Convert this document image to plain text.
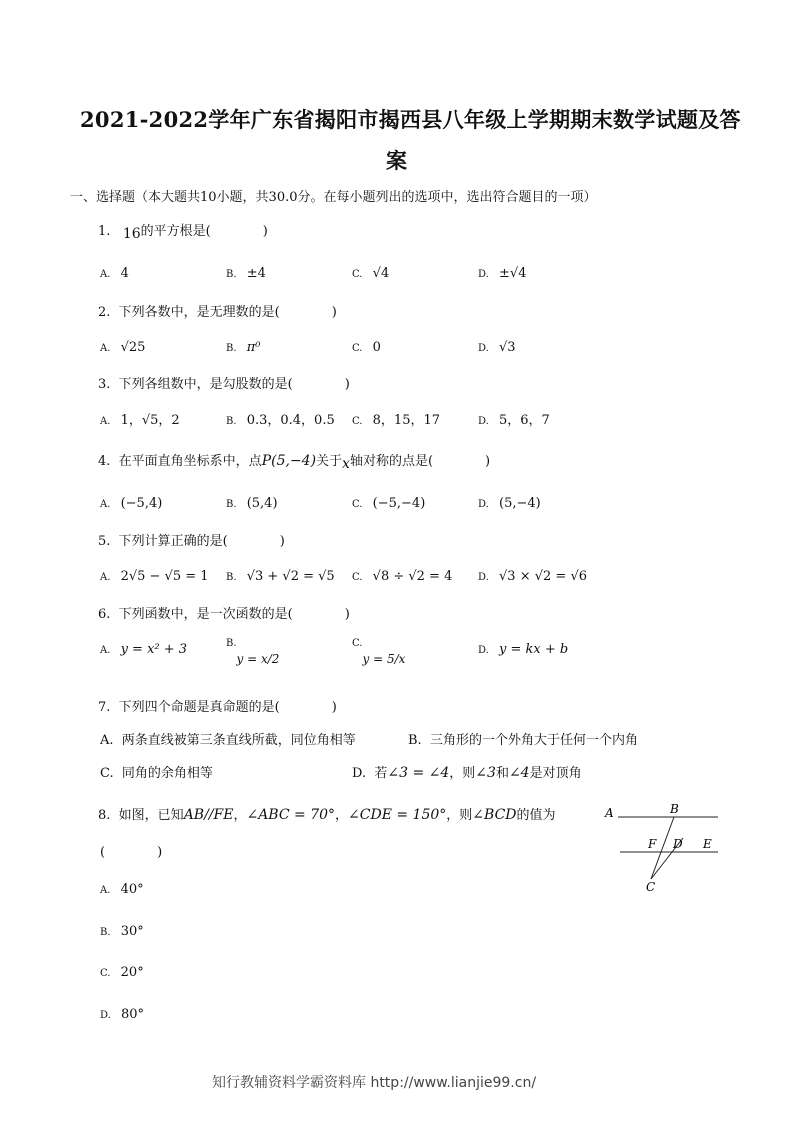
2021-2022学年广东省揭阳市揭西县八年级上学期期末数学试题及答
案
一、选择题（本大题共10小题，共30.0分。在每小题列出的选项中，选出符合题目的一项）
1. 16的平方根是(　　　　)
A. 4	B. ±4	C. √4	D. ±√4
2. 下列各数中，是无理数的是(　　　　)
A. √25	B. π⁰	C. 0	D. √3
3. 下列各组数中，是勾股数的是(　　　　)
A. 1，√5，2	B. 0.3，0.4，0.5 C. 8，15，17	D. 5，6，7
4. 在平面直角坐标系中，点P(5,−4)关于x轴对称的点是(　　　　)
A. (−5,4)	B. (5,4)	C. (−5,−4)	D. (5,−4)
5. 下列计算正确的是(　　　　)
A. 2√5 − √5 = 1 B. √3 + √2 = √5 C. √8 ÷ √2 = 4	D. √3 × √2 = √6
6. 下列函数中，是一次函数的是(　　　　)
A. y = x² + 3	$^{B.}$y = x/2
$^{C.}$y = 5/x
D. y = kx + b
7. 下列四个命题是真命题的是(　　　　)
A. 两条直线被第三条直线所截，同位角相等	B. 三角形的一个外角大于任何一个内角
C. 同角的余角相等	D. 若∠3 = ∠4，则∠3和∠4是对顶角
8. 如图，已知AB//FE，∠ABC = 70°，∠CDE = 150°，则∠BCD的值为
(　　　　)
A. 40°
B. 30°
C. 20°
D. 80°
A	B
F D E
C
知行教辅资料学霸资料库 http://www.lianjie99.cn/
